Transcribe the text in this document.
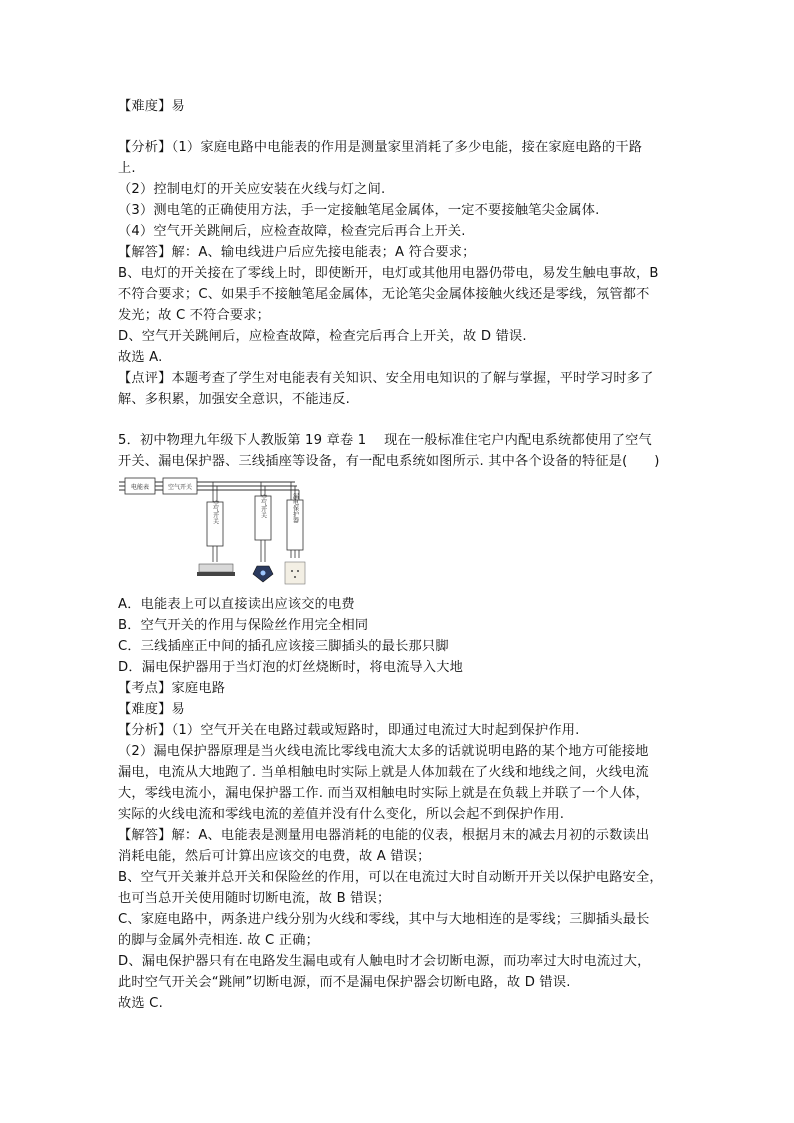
【难度】易
【分析】（1）家庭电路中电能表的作用是测量家里消耗了多少电能，接在家庭电路的干路
上.
（2）控制电灯的开关应安装在火线与灯之间.
（3）测电笔的正确使用方法，手一定接触笔尾金属体，一定不要接触笔尖金属体.
（4）空气开关跳闸后，应检查故障，检查完后再合上开关.
【解答】解：A、输电线进户后应先接电能表；A 符合要求；
B、电灯的开关接在了零线上时，即使断开，电灯或其他用电器仍带电，易发生触电事故，B
不符合要求；C、如果手不接触笔尾金属体，无论笔尖金属体接触火线还是零线，氖管都不
发光；故 C 不符合要求；
D、空气开关跳闸后，应检查故障，检查完后再合上开关，故 D 错误.
故选 A.
【点评】本题考查了学生对电能表有关知识、安全用电知识的了解与掌握，平时学习时多了
解、多积累，加强安全意识，不能违反.
5．初中物理九年级下人教版第 19 章卷 1　 现在一般标准住宅户内配电系统都使用了空气
开关、漏电保护器、三线插座等设备，有一配电系统如图所示. 其中各个设备的特征是(　　)
电能表	空气开关
空气开关	空气开关	漏电保护器
A．电能表上可以直接读出应该交的电费
B．空气开关的作用与保险丝作用完全相同
C．三线插座正中间的插孔应该接三脚插头的最长那只脚
D．漏电保护器用于当灯泡的灯丝烧断时，将电流导入大地
【考点】家庭电路
【难度】易
【分析】（1）空气开关在电路过载或短路时，即通过电流过大时起到保护作用.
（2）漏电保护器原理是当火线电流比零线电流大太多的话就说明电路的某个地方可能接地
漏电，电流从大地跑了. 当单相触电时实际上就是人体加载在了火线和地线之间，火线电流
大，零线电流小，漏电保护器工作. 而当双相触电时实际上就是在负载上并联了一个人体，
实际的火线电流和零线电流的差值并没有什么变化，所以会起不到保护作用.
【解答】解：A、电能表是测量用电器消耗的电能的仪表，根据月末的减去月初的示数读出
消耗电能，然后可计算出应该交的电费，故 A 错误；
B、空气开关兼并总开关和保险丝的作用，可以在电流过大时自动断开开关以保护电路安全，
也可当总开关使用随时切断电流，故 B 错误；
C、家庭电路中，两条进户线分别为火线和零线，其中与大地相连的是零线；三脚插头最长
的脚与金属外壳相连. 故 C 正确；
D、漏电保护器只有在电路发生漏电或有人触电时才会切断电源，而功率过大时电流过大，
此时空气开关会“跳闸”切断电源，而不是漏电保护器会切断电路，故 D 错误.
故选 C.
